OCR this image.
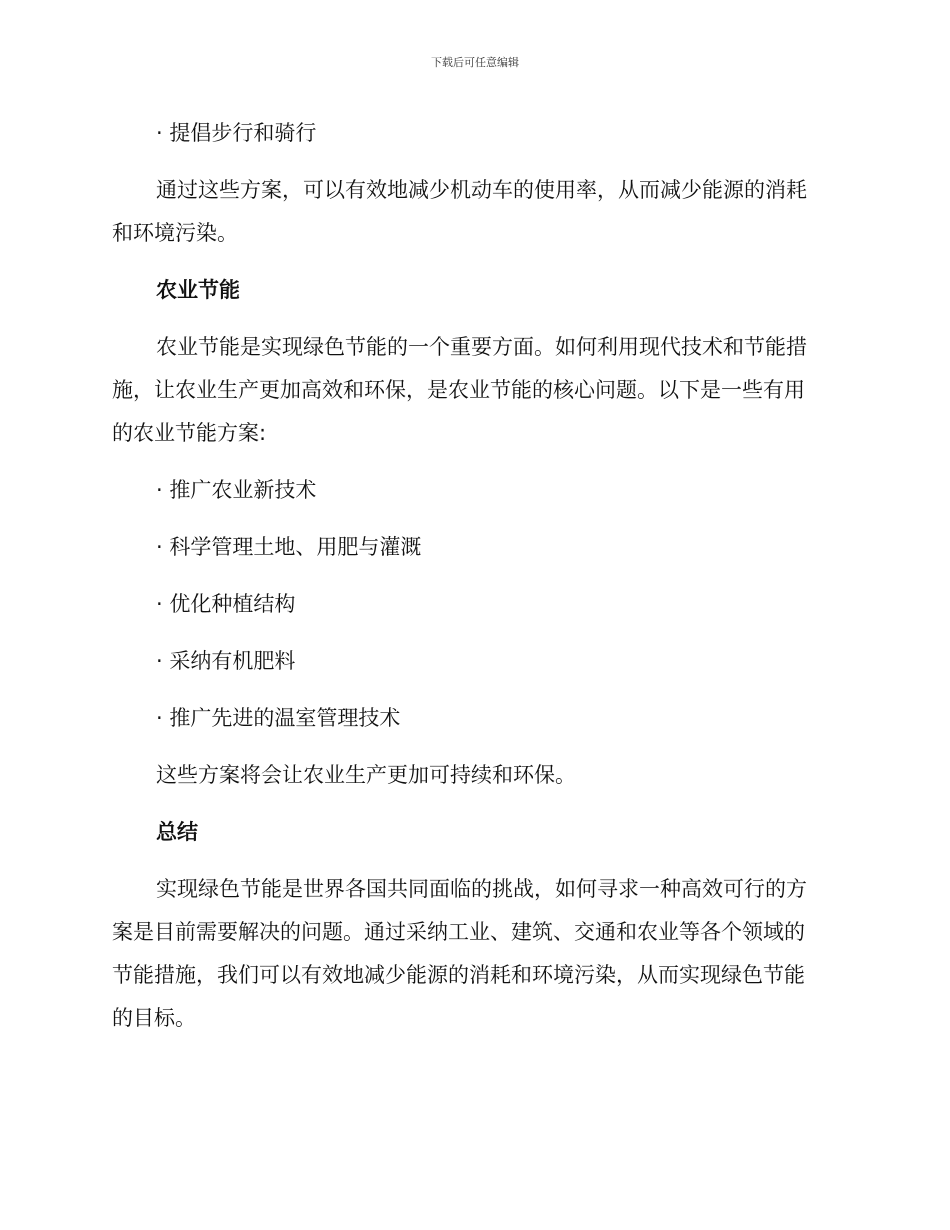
下载后可任意编辑

· 提倡步行和骑行

通过这些方案，可以有效地减少机动车的使用率，从而减少能源的消耗

和环境污染。

农业节能

农业节能是实现绿色节能的一个重要方面。如何利用现代技术和节能措

施，让农业生产更加高效和环保，是农业节能的核心问题。以下是一些有用

的农业节能方案:

· 推广农业新技术

· 科学管理土地、用肥与灌溉

· 优化种植结构

· 采纳有机肥料

· 推广先进的温室管理技术

这些方案将会让农业生产更加可持续和环保。

总结

实现绿色节能是世界各国共同面临的挑战，如何寻求一种高效可行的方

案是目前需要解决的问题。通过采纳工业、建筑、交通和农业等各个领域的

节能措施，我们可以有效地减少能源的消耗和环境污染，从而实现绿色节能

的目标。
